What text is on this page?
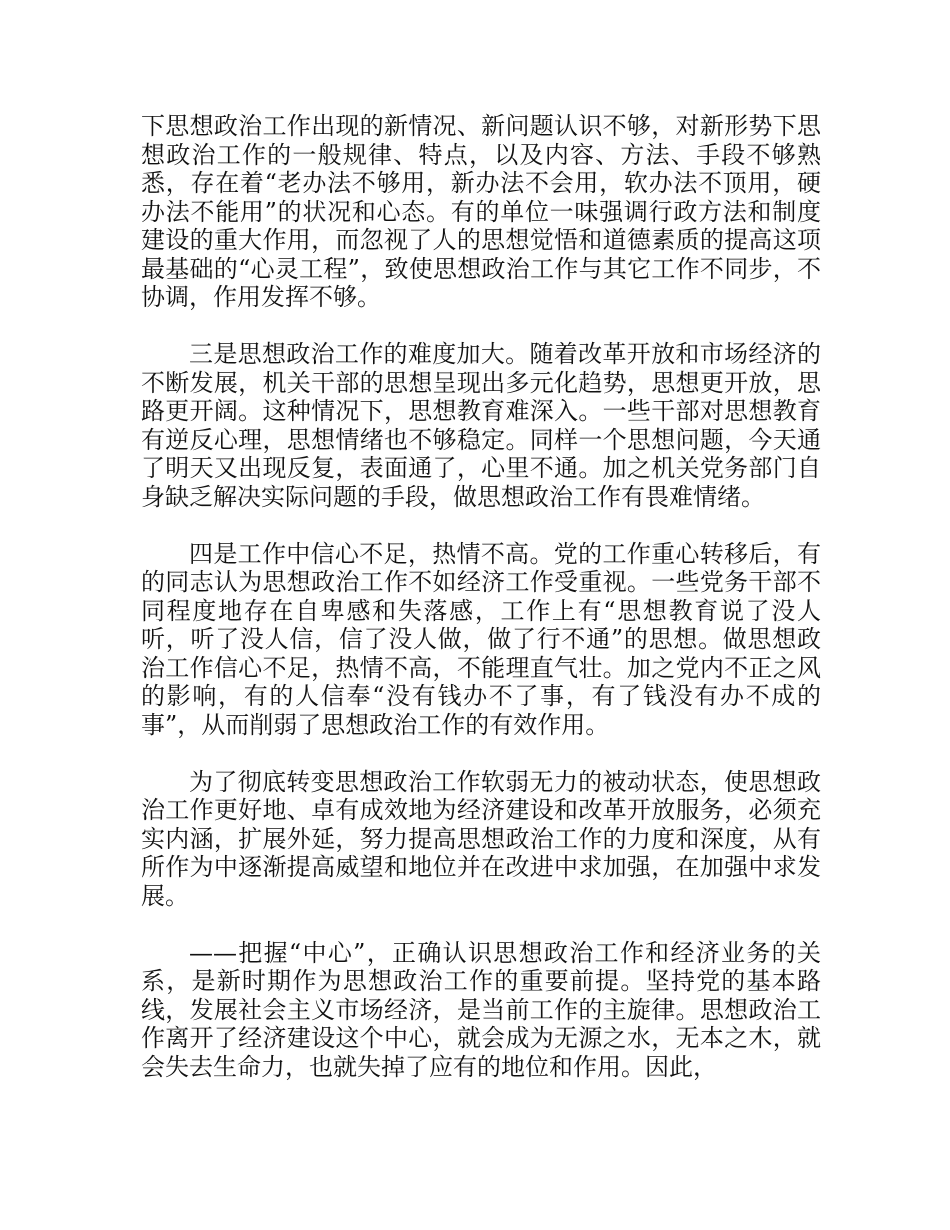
下思想政治工作出现的新情况、新问题认识不够，对新形势下思想政治工作的一般规律、特点，以及内容、方法、手段不够熟悉，存在着“老办法不够用，新办法不会用，软办法不顶用，硬办法不能用”的状况和心态。有的单位一味强调行政方法和制度建设的重大作用，而忽视了人的思想觉悟和道德素质的提高这项最基础的“心灵工程”，致使思想政治工作与其它工作不同步，不协调，作用发挥不够。

三是思想政治工作的难度加大。随着改革开放和市场经济的不断发展，机关干部的思想呈现出多元化趋势，思想更开放，思路更开阔。这种情况下，思想教育难深入。一些干部对思想教育有逆反心理，思想情绪也不够稳定。同样一个思想问题，今天通了明天又出现反复，表面通了，心里不通。加之机关党务部门自身缺乏解决实际问题的手段，做思想政治工作有畏难情绪。

四是工作中信心不足，热情不高。党的工作重心转移后，有的同志认为思想政治工作不如经济工作受重视。一些党务干部不同程度地存在自卑感和失落感，工作上有“思想教育说了没人听，听了没人信，信了没人做，做了行不通”的思想。做思想政治工作信心不足，热情不高，不能理直气壮。加之党内不正之风的影响，有的人信奉“没有钱办不了事，有了钱没有办不成的事”，从而削弱了思想政治工作的有效作用。

为了彻底转变思想政治工作软弱无力的被动状态，使思想政治工作更好地、卓有成效地为经济建设和改革开放服务，必须充实内涵，扩展外延，努力提高思想政治工作的力度和深度，从有所作为中逐渐提高威望和地位并在改进中求加强，在加强中求发展。

——把握“中心”，正确认识思想政治工作和经济业务的关系，是新时期作为思想政治工作的重要前提。坚持党的基本路线，发展社会主义市场经济，是当前工作的主旋律。思想政治工作离开了经济建设这个中心，就会成为无源之水，无本之木，就会失去生命力，也就失掉了应有的地位和作用。因此，
